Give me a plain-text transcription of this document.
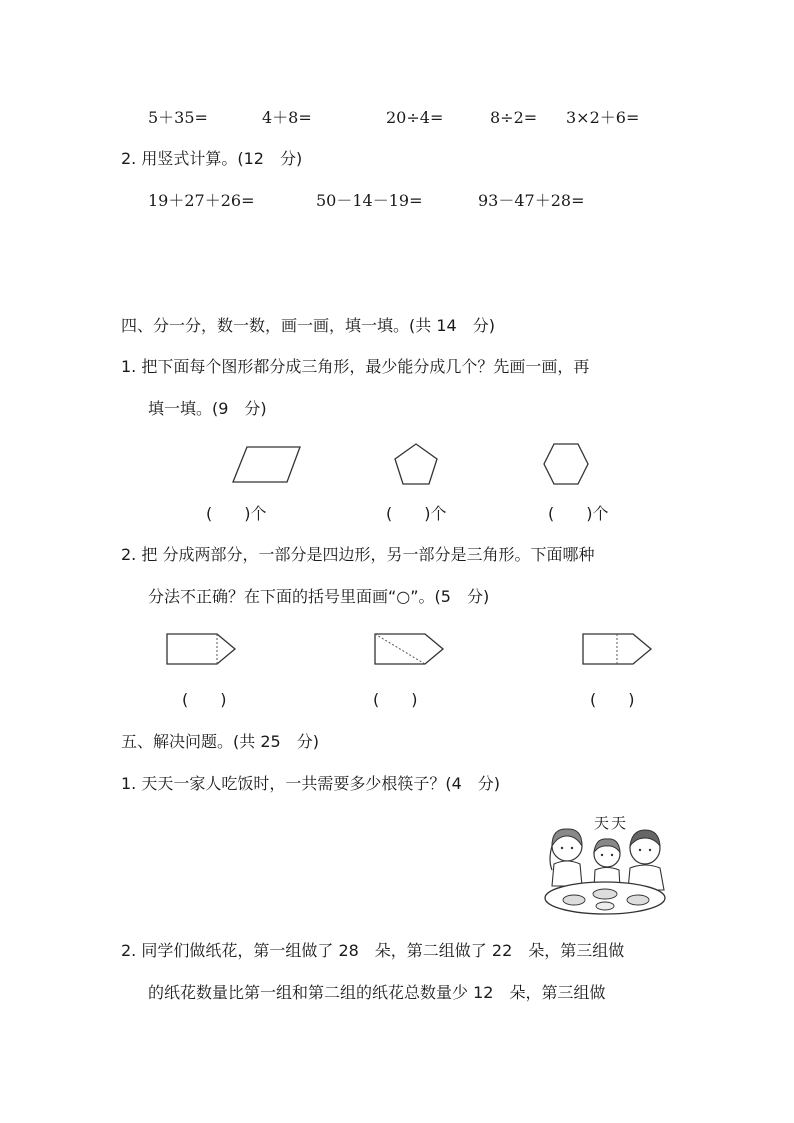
5＋35=	4＋8=	20÷4=	8÷2= 3×2＋6=
2. 用竖式计算。(12　分)
19＋27＋26=	50－14－19=	93－47＋28=
四、分一分，数一数，画一画，填一填。(共 14　分)
1. 把下面每个图形都分成三角形，最少能分成几个？先画一画，再
填一填。(9　分)
(　　)个	(　　)个	(　　)个
2. 把 分成两部分，一部分是四边形，另一部分是三角形。下面哪种
分法不正确？在下面的括号里面画“○”。(5　分)
(　　)	(　　)	(　　)
五、解决问题。(共 25　分)
1. 天天一家人吃饭时，一共需要多少根筷子？(4　分)
天天
2. 同学们做纸花，第一组做了 28　朵，第二组做了 22　朵，第三组做
的纸花数量比第一组和第二组的纸花总数量少 12　朵，第三组做
